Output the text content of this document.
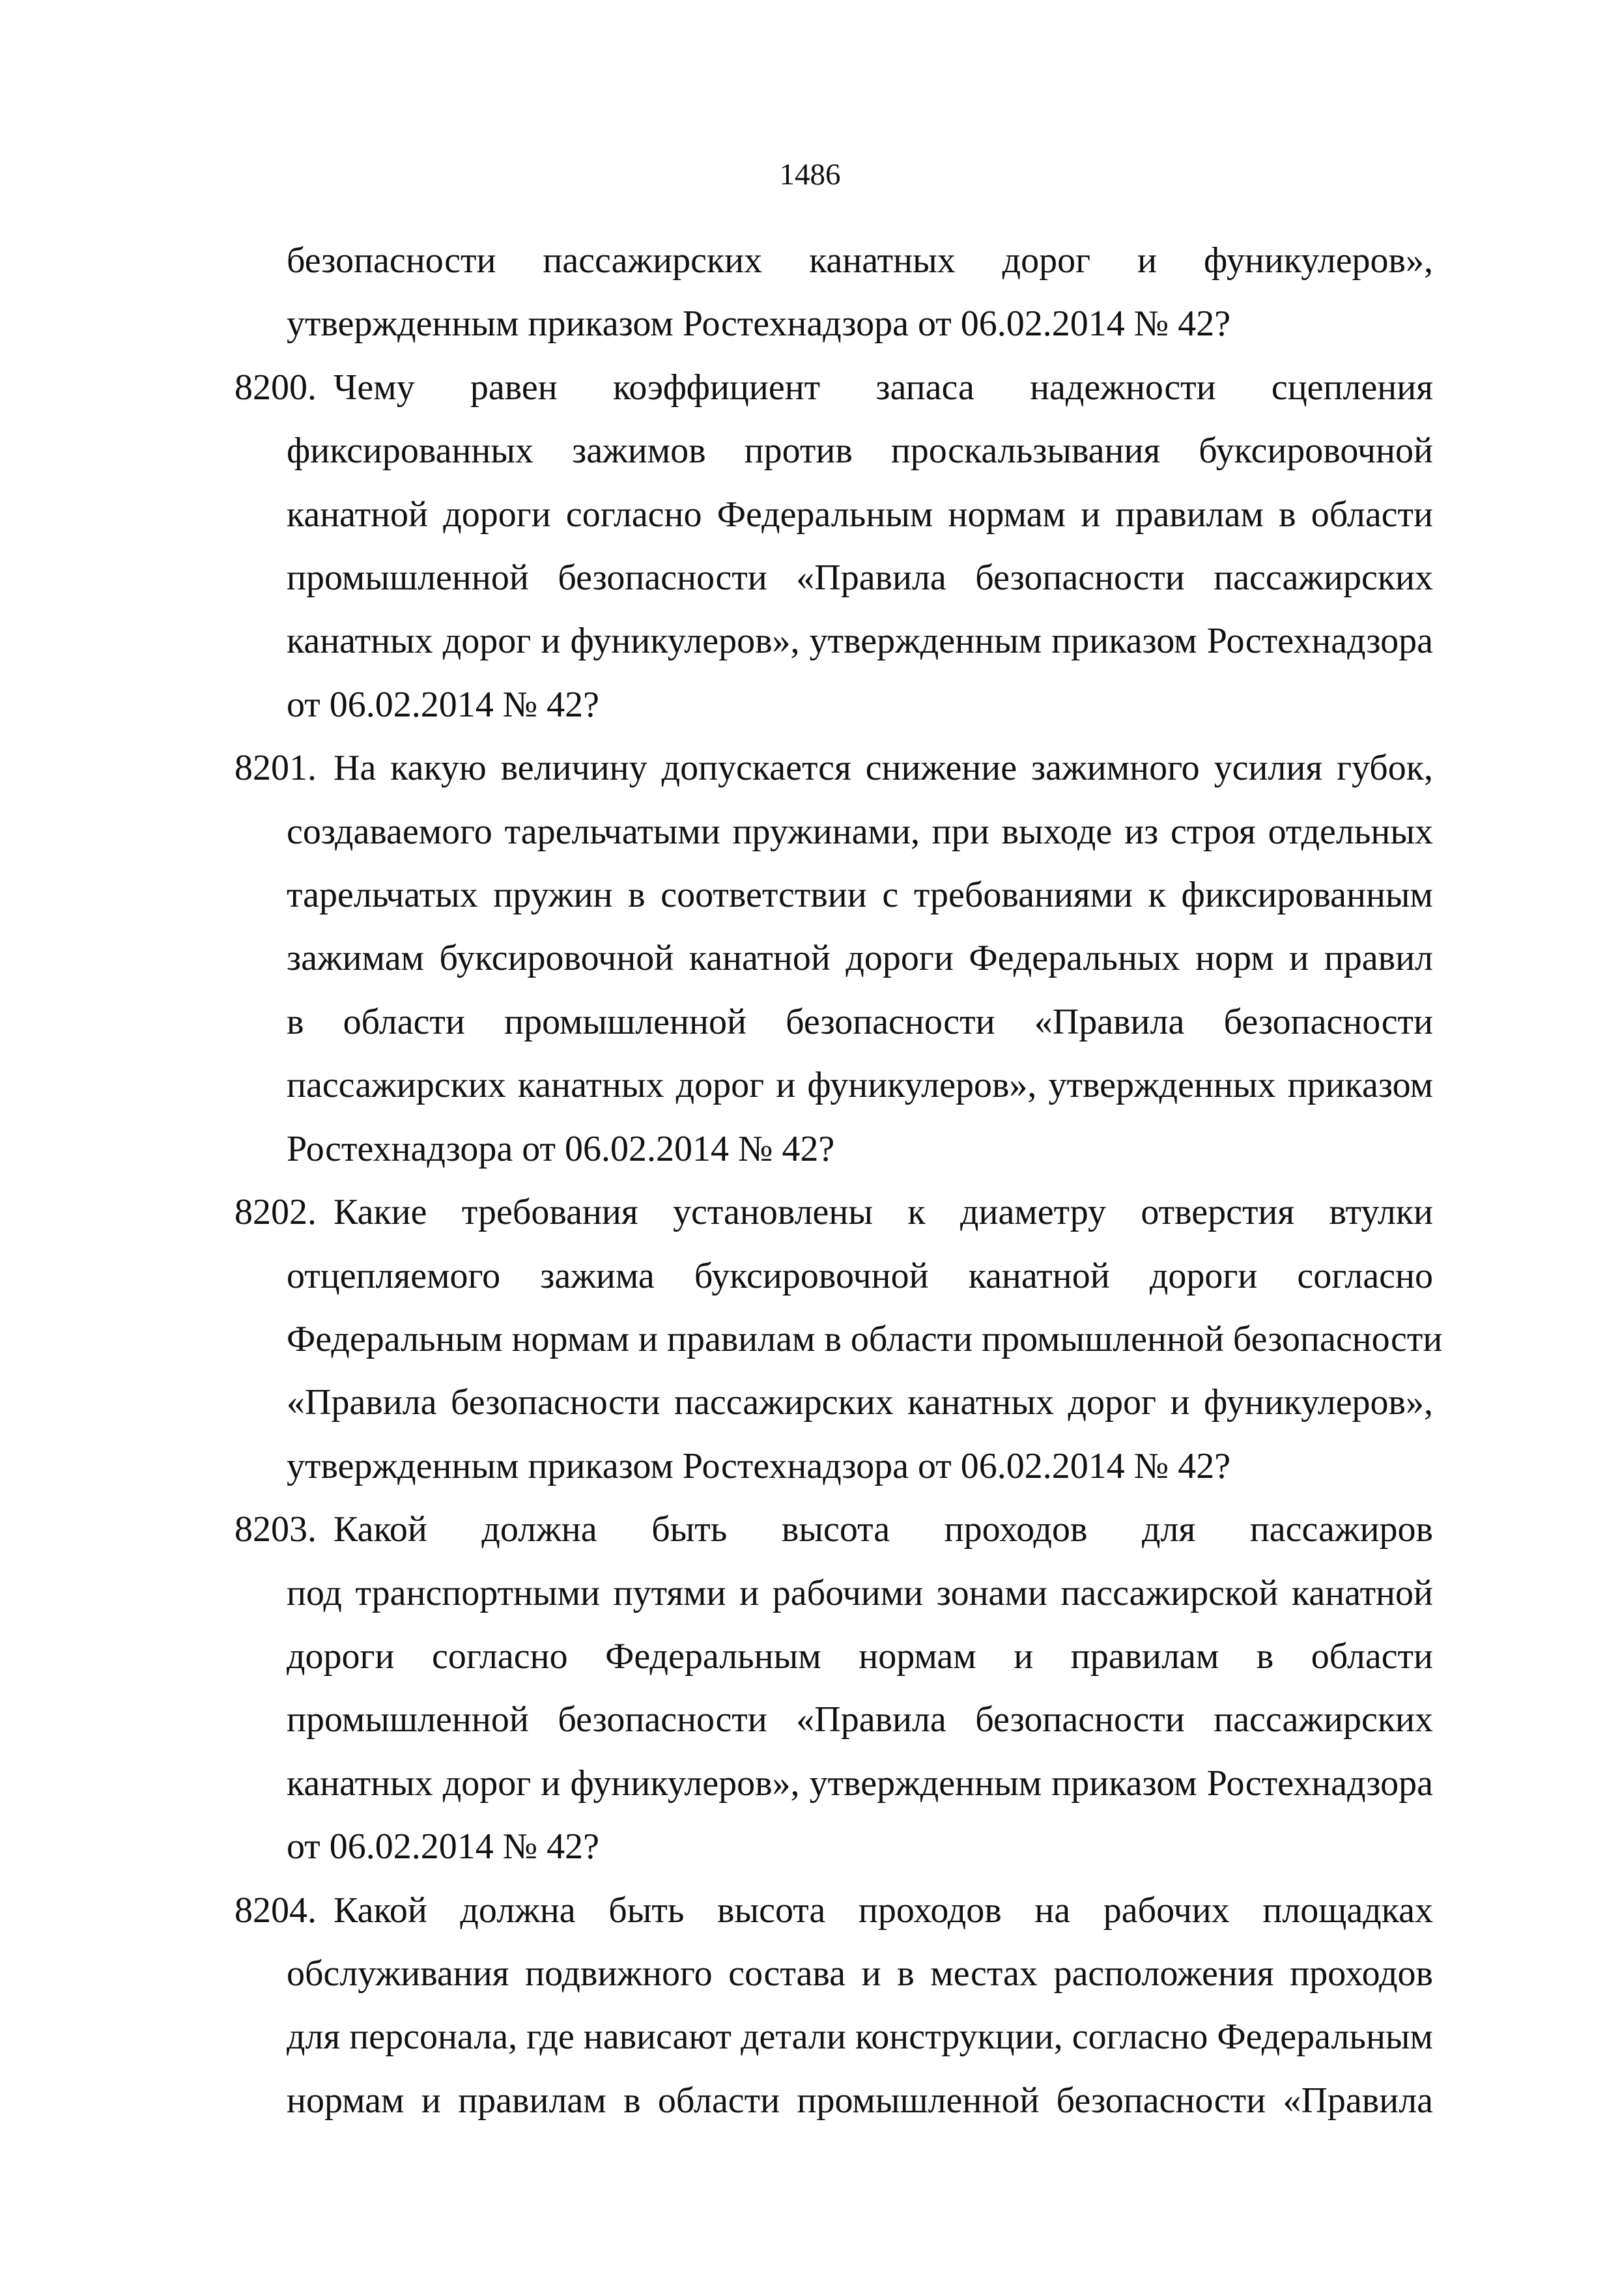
1486
безопасности пассажирских канатных дорог и фуникулеров»,
утвержденным приказом Ростехнадзора от 06.02.2014 № 42?
8200. Чему равен коэффициент запаса надежности сцепления
фиксированных зажимов против проскальзывания буксировочной
канатной дороги согласно Федеральным нормам и правилам в области
промышленной безопасности «Правила безопасности пассажирских
канатных дорог и фуникулеров», утвержденным приказом Ростехнадзора
от 06.02.2014 № 42?
8201. На какую величину допускается снижение зажимного усилия губок,
создаваемого тарельчатыми пружинами, при выходе из строя отдельных
тарельчатых пружин в соответствии с требованиями к фиксированным
зажимам буксировочной канатной дороги Федеральных норм и правил
в области промышленной безопасности «Правила безопасности
пассажирских канатных дорог и фуникулеров», утвержденных приказом
Ростехнадзора от 06.02.2014 № 42?
8202. Какие требования установлены к диаметру отверстия втулки
отцепляемого зажима буксировочной канатной дороги согласно
Федеральным нормам и правилам в области промышленной безопасности
«Правила безопасности пассажирских канатных дорог и фуникулеров»,
утвержденным приказом Ростехнадзора от 06.02.2014 № 42?
8203. Какой должна быть высота проходов для пассажиров
под транспортными путями и рабочими зонами пассажирской канатной
дороги согласно Федеральным нормам и правилам в области
промышленной безопасности «Правила безопасности пассажирских
канатных дорог и фуникулеров», утвержденным приказом Ростехнадзора
от 06.02.2014 № 42?
8204. Какой должна быть высота проходов на рабочих площадках
обслуживания подвижного состава и в местах расположения проходов
для персонала, где нависают детали конструкции, согласно Федеральным
нормам и правилам в области промышленной безопасности «Правила
